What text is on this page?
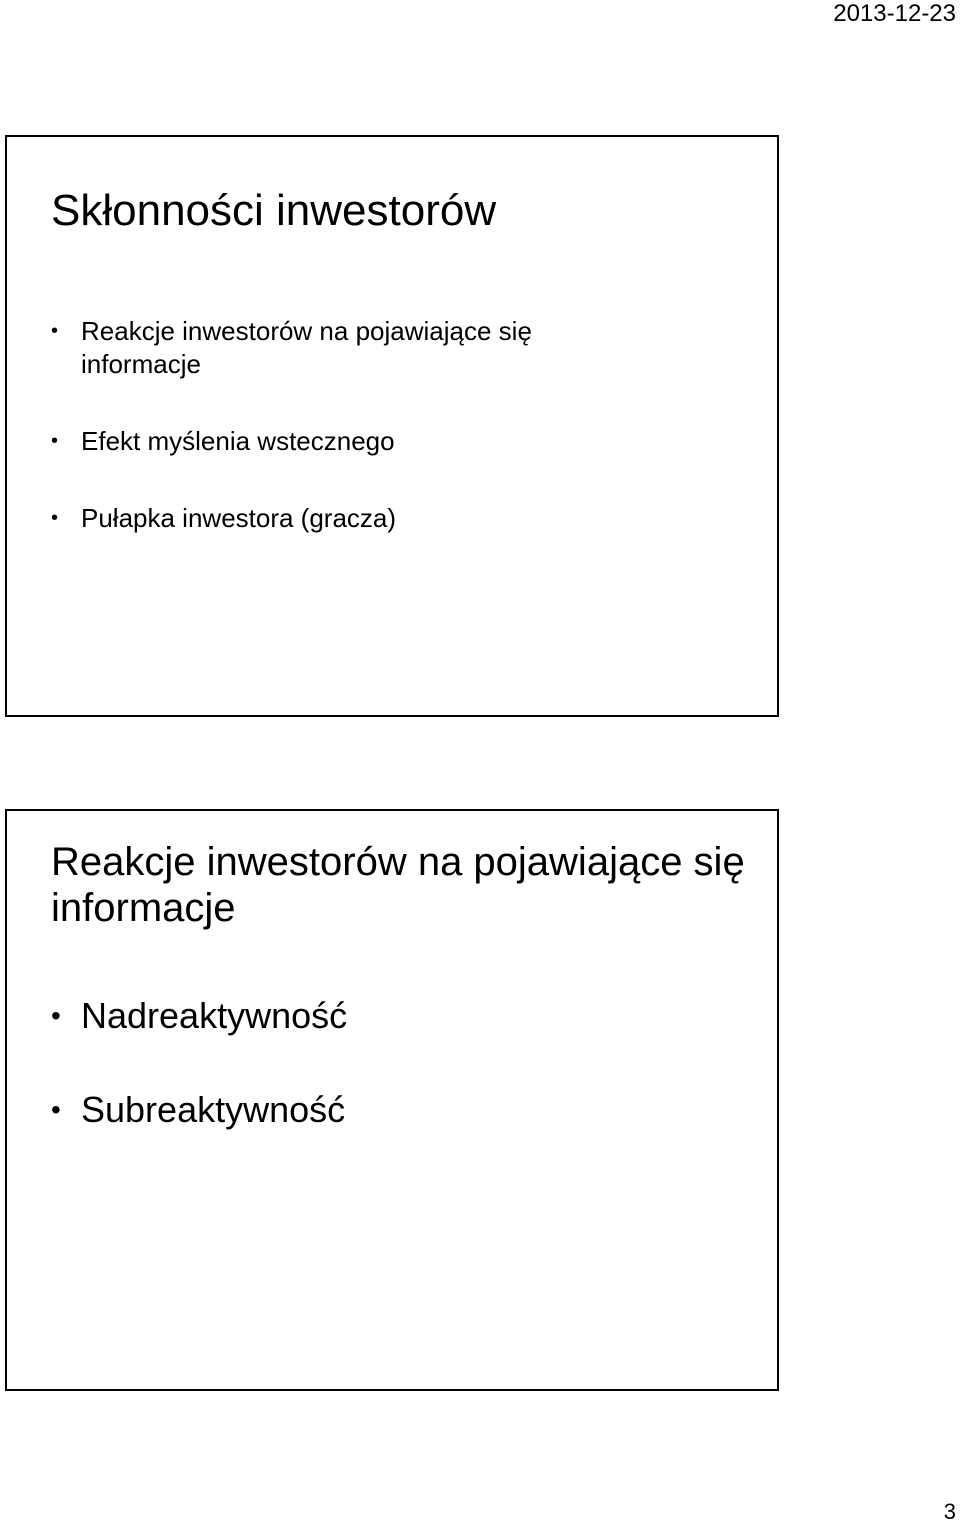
2013-12-23
Skłonności inwestorów
• Reakcje inwestorów na pojawiające się informacje
• Efekt myślenia wstecznego
• Pułapka inwestora (gracza)
Reakcje inwestorów na pojawiające się informacje
• Nadreaktywność
• Subreaktywność
3
